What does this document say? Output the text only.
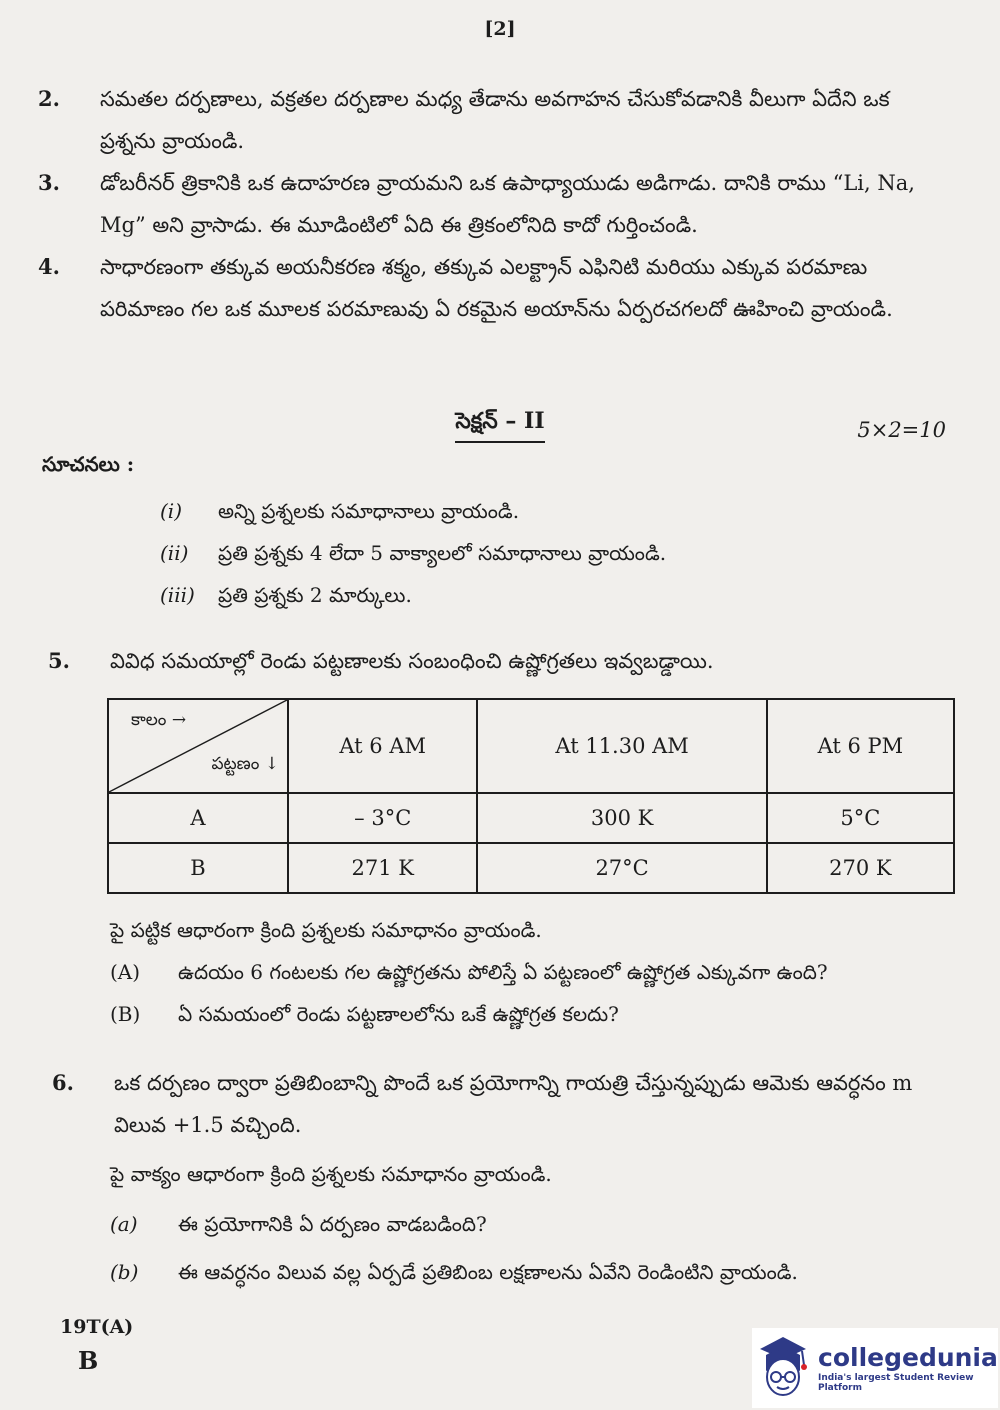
[2]
2.	సమతల దర్పణాలు, వక్రతల దర్పణాల మధ్య తేడాను అవగాహన చేసుకోవడానికి వీలుగా ఏదేని ఒక ప్రశ్నను వ్రాయండి.
3.	డోబరీనర్ త్రికానికి ఒక ఉదాహరణ వ్రాయమని ఒక ఉపాధ్యాయుడు అడిగాడు. దానికి రాము “Li, Na, Mg” అని వ్రాసాడు. ఈ మూడింటిలో ఏది ఈ త్రికంలోనిది కాదో గుర్తించండి.
4.	సాధారణంగా తక్కువ అయనీకరణ శక్మం, తక్కువ ఎలక్ట్రాన్ ఎఫినిటి మరియు ఎక్కువ పరమాణు పరిమాణం గల ఒక మూలక పరమాణువు ఏ రకమైన అయాన్‌ను ఏర్పరచగలదో ఊహించి వ్రాయండి.
సెక్షన్ – II	5×2=10
సూచనలు :
(i)	అన్ని ప్రశ్నలకు సమాధానాలు వ్రాయండి.
(ii)	ప్రతి ప్రశ్నకు 4 లేదా 5 వాక్యాలలో సమాధానాలు వ్రాయండి.
(iii)	ప్రతి ప్రశ్నకు 2 మార్కులు.
5.	వివిధ సమయాల్లో రెండు పట్టణాలకు సంబంధించి ఉష్ణోగ్రతలు ఇవ్వబడ్డాయి.
కాలం →
పట్టణం ↓	At 6 AM	At 11.30 AM	At 6 PM
A	– 3°C	300 K	5°C
B	271 K	27°C	270 K
పై పట్టిక ఆధారంగా క్రింది ప్రశ్నలకు సమాధానం వ్రాయండి.
(A)	ఉదయం 6 గంటలకు గల ఉష్ణోగ్రతను పోలిస్తే ఏ పట్టణంలో ఉష్ణోగ్రత ఎక్కువగా ఉంది?
(B)	ఏ సమయంలో రెండు పట్టణాలలోను ఒకే ఉష్ణోగ్రత కలదు?
6.	ఒక దర్పణం ద్వారా ప్రతిబింబాన్ని పొందే ఒక ప్రయోగాన్ని గాయత్రి చేస్తున్నప్పుడు ఆమెకు ఆవర్ధనం m విలువ +1.5 వచ్చింది.
పై వాక్యం ఆధారంగా క్రింది ప్రశ్నలకు సమాధానం వ్రాయండి.
(a)	ఈ ప్రయోగానికి ఏ దర్పణం వాడబడింది?
(b)	ఈ ఆవర్ధనం విలువ వల్ల ఏర్పడే ప్రతిబింబ లక్షణాలను ఏవేని రెండింటిని వ్రాయండి.
19T(A)
B	collegedunia
India's largest Student Review Platform
